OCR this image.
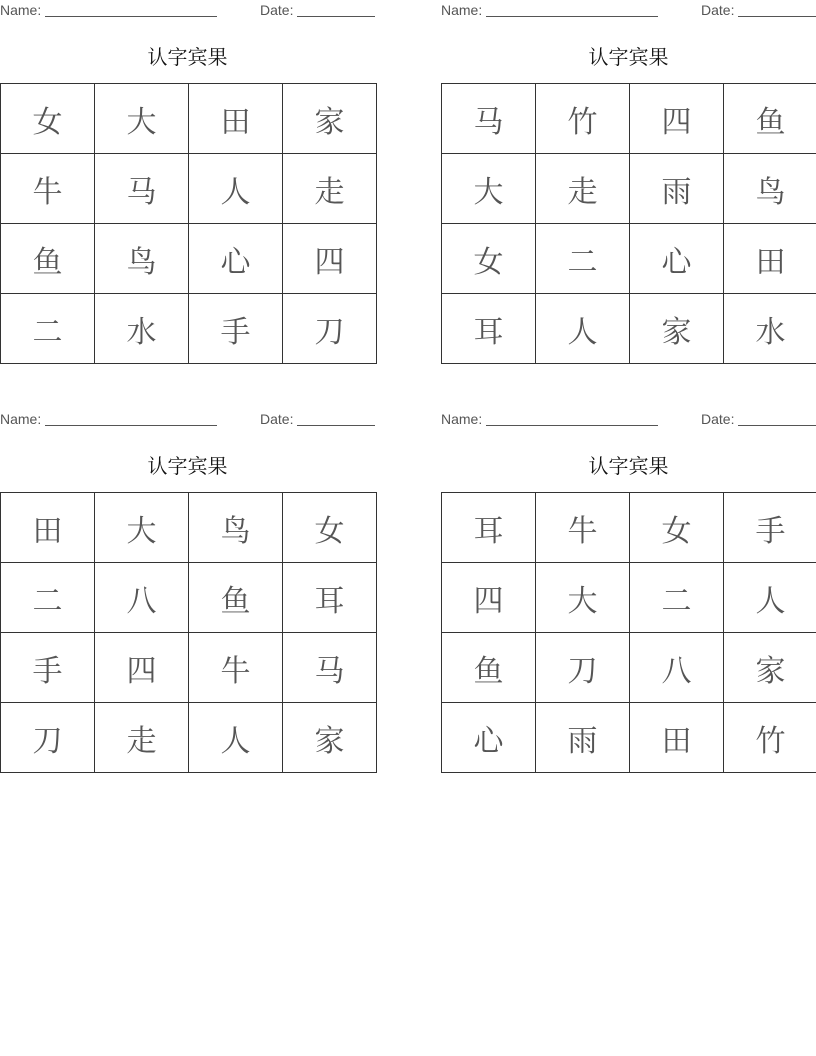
Name:	Date:
认字宾果
女	大	田	家
牛	马	人	走
鱼	鸟	心	四
二	水	手	刀
Name:	Date:
认字宾果
马	竹	四	鱼
大	走	雨	鸟
女	二	心	田
耳	人	家	水
Name:	Date:
认字宾果
田	大	鸟	女
二	八	鱼	耳
手	四	牛	马
刀	走	人	家
Name:	Date:
认字宾果
耳	牛	女	手
四	大	二	人
鱼	刀	八	家
心	雨	田	竹
